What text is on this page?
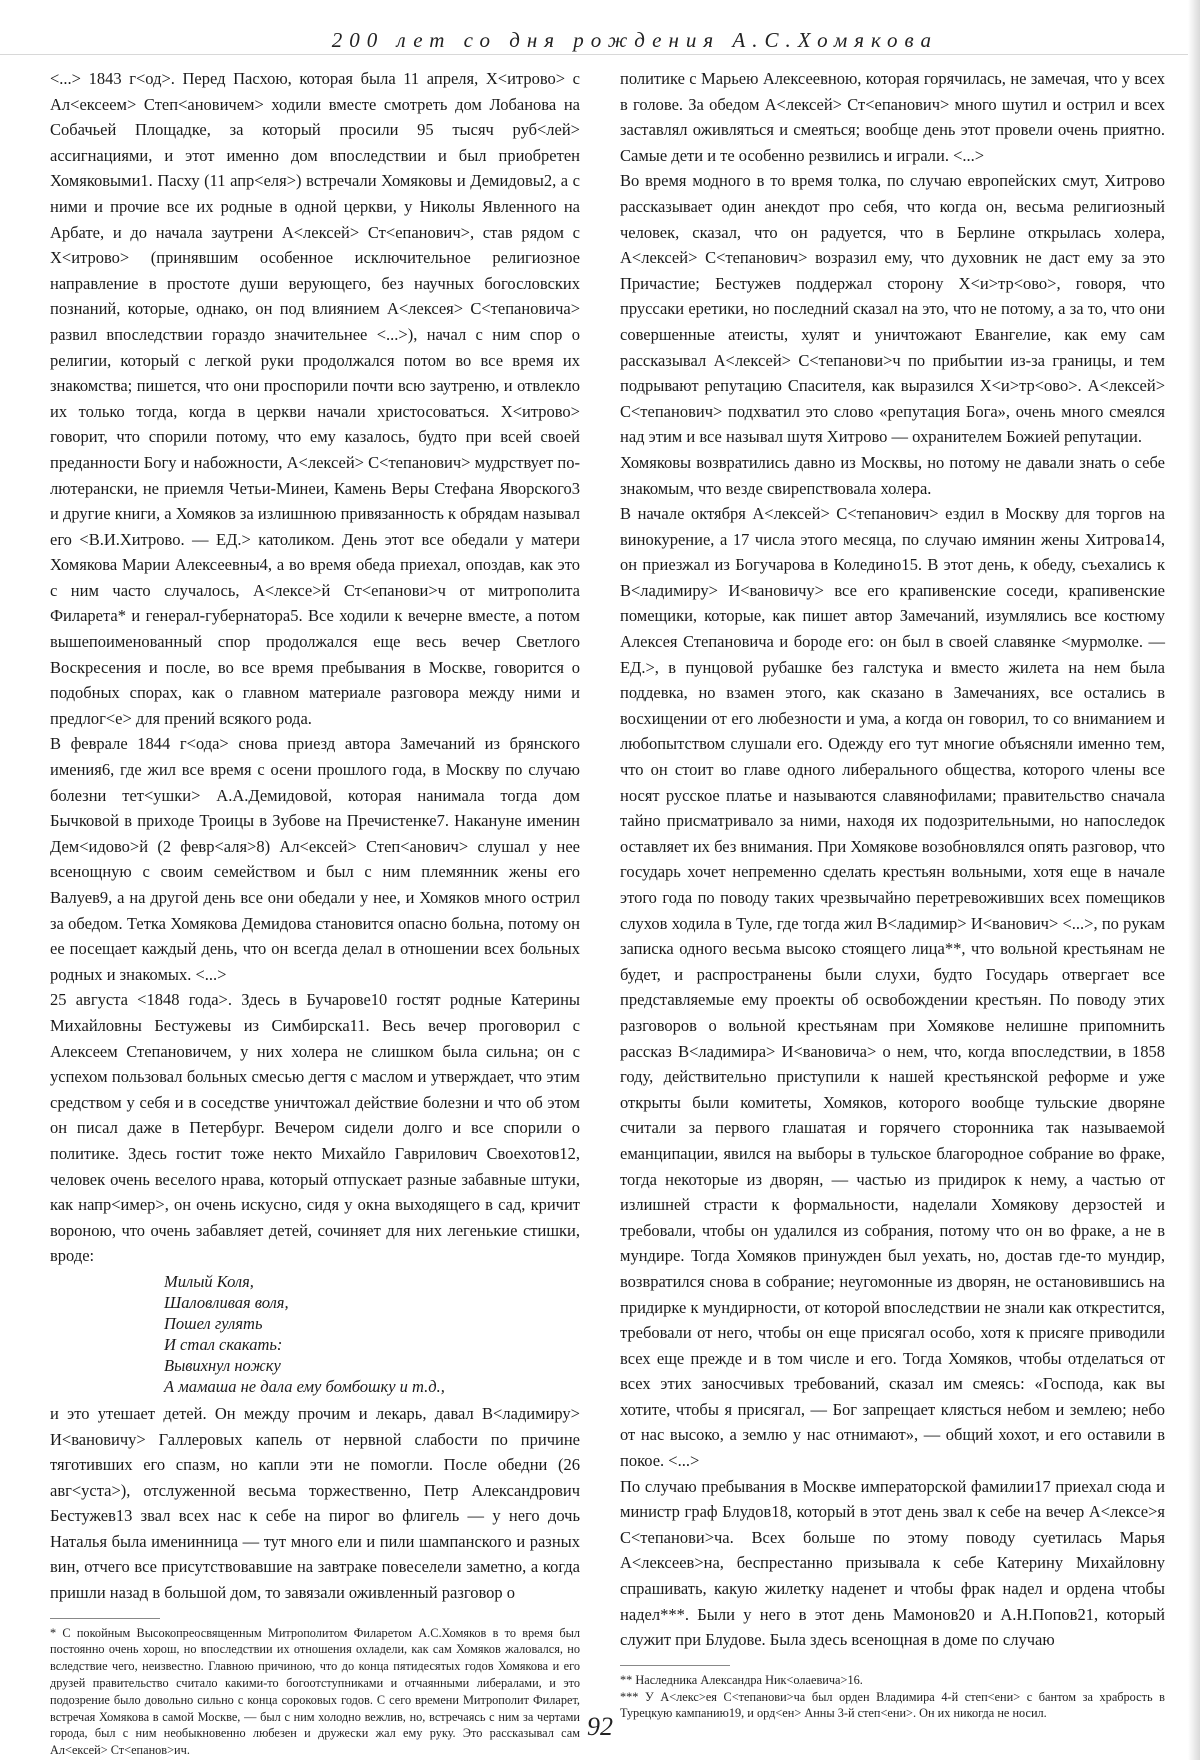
200 лет со дня рождения А.С.Хомякова

<...> 1843 г<од>. Перед Пасхою, которая была 11 апреля, Х<итрово> с Ал<ексеем> Степ<ановичем> ходили вместе смотреть дом Лобанова на Собачьей Площадке, за который просили 95 тысяч руб<лей> ассигнациями, и этот именно дом впоследствии и был приобретен Хомяковыми1. Пасху (11 апр<еля>) встречали Хомяковы и Демидовы2, а с ними и прочие все их родные в одной церкви, у Николы Явленного на Арбате, и до начала заутрени А<лексей> Ст<епанович>, став рядом с Х<итрово> (принявшим особенное исключительное религиозное направление в простоте души верующего, без научных богословских познаний, которые, однако, он под влиянием А<лексея> С<тепановича> развил впоследствии гораздо значительнее <...>), начал с ним спор о религии, который с легкой руки продолжался потом во все время их знакомства; пишется, что они проспорили почти всю заутреню, и отвлекло их только тогда, когда в церкви начали христосоваться. Х<итрово> говорит, что спорили потому, что ему казалось, будто при всей своей преданности Богу и набожности, А<лексей> С<тепанович> мудрствует по-лютерански, не приемля Четьи-Минеи, Камень Веры Стефана Яворского3 и другие книги, а Хомяков за излишнюю привязанность к обрядам называл его <В.И.Хитрово. — ЕД.> католиком. День этот все обедали у матери Хомякова Марии Алексеевны4, а во время обеда приехал, опоздав, как это с ним часто случалось, А<лексе>й Ст<епанови>ч от митрополита Филарета* и генерал-губернатора5. Все ходили к вечерне вместе, а потом вышепоименованный спор продолжался еще весь вечер Светлого Воскресения и после, во все время пребывания в Москве, говорится о подобных спорах, как о главном материале разговора между ними и предлог<е> для прений всякого рода.

В феврале 1844 г<ода> снова приезд автора Замечаний из брянского имения6, где жил все время с осени прошлого года, в Москву по случаю болезни тет<ушки> А.А.Демидовой, которая нанимала тогда дом Бычковой в приходе Троицы в Зубове на Пречистенке7. Накануне именин Дем<идово>й (2 февр<аля>8) Ал<ексей> Степ<анович> слушал у нее всенощную с своим семейством и был с ним племянник жены его Валуев9, а на другой день все они обедали у нее, и Хомяков много острил за обедом. Тетка Хомякова Демидова становится опасно больна, потому он ее посещает каждый день, что он всегда делал в отношении всех больных родных и знакомых. <...>

25 августа <1848 года>. Здесь в Бучарове10 гостят родные Катерины Михайловны Бестужевы из Симбирска11. Весь вечер проговорил с Алексеем Степановичем, у них холера не слишком была сильна; он с успехом пользовал больных смесью дегтя с маслом и утверждает, что этим средством у себя и в соседстве уничтожал действие болезни и что об этом он писал даже в Петербург. Вечером сидели долго и все спорили о политике. Здесь гостит тоже некто Михайло Гаврилович Своехотов12, человек очень веселого нрава, который отпускает разные забавные штуки, как напр<имер>, он очень искусно, сидя у окна выходящего в сад, кричит вороною, что очень забавляет детей, сочиняет для них легенькие стишки, вроде:

Милый Коля,
Шаловливая воля,
Пошел гулять
И стал скакать:
Вывихнул ножку
А мамаша не дала ему бомбошку и т.д.,

и это утешает детей. Он между прочим и лекарь, давал В<ладимиру> И<вановичу> Галлеровых капель от нервной слабости по причине тяготивших его спазм, но капли эти не помогли. После обедни (26 авг<уста>), отслуженной весьма торжественно, Петр Александрович Бестужев13 звал всех нас к себе на пирог во флигель — у него дочь Наталья была именинница — тут много ели и пили шампанского и разных вин, отчего все присутствовавшие на завтраке повеселели заметно, а когда пришли назад в большой дом, то завязали оживленный разговор о

* С покойным Высокопреосвященным Митрополитом Филаретом А.С.Хомяков в то время был постоянно очень хорош, но впоследствии их отношения охладели, как сам Хомяков жаловался, но вследствие чего, неизвестно. Главною причиною, что до конца пятидесятых годов Хомякова и его друзей правительство считало какими-то богоотступниками и отчаянными либералами, и это подозрение было довольно сильно с конца сороковых годов. С сего времени Митрополит Филарет, встречая Хомякова в самой Москве, — был с ним холодно вежлив, но, встречаясь с ним за чертами города, был с ним необыкновенно любезен и дружески жал ему руку. Это рассказывал сам Ал<ексей> Ст<епанов>ич.

политике с Марьею Алексеевною, которая горячилась, не замечая, что у всех в голове. За обедом А<лексей> Ст<епанович> много шутил и острил и всех заставлял оживляться и смеяться; вообще день этот провели очень приятно. Самые дети и те особенно резвились и играли. <...>

Во время модного в то время толка, по случаю европейских смут, Хитрово рассказывает один анекдот про себя, что когда он, весьма религиозный человек, сказал, что он радуется, что в Берлине открылась холера, А<лексей> С<тепанович> возразил ему, что духовник не даст ему за это Причастие; Бестужев поддержал сторону Х<и>тр<ово>, говоря, что пруссаки еретики, но последний сказал на это, что не потому, а за то, что они совершенные атеисты, хулят и уничтожают Евангелие, как ему сам рассказывал А<лексей> С<тепанови>ч по прибытии из-за границы, и тем подрывают репутацию Спасителя, как выразился Х<и>тр<ово>. А<лексей> С<тепанович> подхватил это слово «репутация Бога», очень много смеялся над этим и все называл шутя Хитрово — охранителем Божией репутации.

Хомяковы возвратились давно из Москвы, но потому не давали знать о себе знакомым, что везде свирепствовала холера.

В начале октября А<лексей> С<тепанович> ездил в Москву для торгов на винокурение, а 17 числа этого месяца, по случаю имянин жены Хитрова14, он приезжал из Богучарова в Коледино15. В этот день, к обеду, съехались к В<ладимиру> И<вановичу> все его крапивенские соседи, крапивенские помещики, которые, как пишет автор Замечаний, изумлялись все костюму Алексея Степановича и бороде его: он был в своей славянке <мурмолке. — ЕД.>, в пунцовой рубашке без галстука и вместо жилета на нем была поддевка, но взамен этого, как сказано в Замечаниях, все остались в восхищении от его любезности и ума, а когда он говорил, то со вниманием и любопытством слушали его. Одежду его тут многие объясняли именно тем, что он стоит во главе одного либерального общества, которого члены все носят русское платье и называются славянофилами; правительство сначала тайно присматривало за ними, находя их подозрительными, но напоследок оставляет их без внимания. При Хомякове возобновлялся опять разговор, что государь хочет непременно сделать крестьян вольными, хотя еще в начале этого года по поводу таких чрезвычайно перетревоживших всех помещиков слухов ходила в Туле, где тогда жил В<ладимир> И<ванович> <...>, по рукам записка одного весьма высоко стоящего лица**, что вольной крестьянам не будет, и распространены были слухи, будто Государь отвергает все представляемые ему проекты об освобождении крестьян. По поводу этих разговоров о вольной крестьянам при Хомякове нелишне припомнить рассказ В<ладимира> И<вановича> о нем, что, когда впоследствии, в 1858 году, действительно приступили к нашей крестьянской реформе и уже открыты были комитеты, Хомяков, которого вообще тульские дворяне считали за первого глашатая и горячего сторонника так называемой еманципации, явился на выборы в тульское благородное собрание во фраке, тогда некоторые из дворян, — частью из придирок к нему, а частью от излишней страсти к формальности, наделали Хомякову дерзостей и требовали, чтобы он удалился из собрания, потому что он во фраке, а не в мундире. Тогда Хомяков принужден был уехать, но, достав где-то мундир, возвратился снова в собрание; неугомонные из дворян, не остановившись на придирке к мундирности, от которой впоследствии не знали как открестится, требовали от него, чтобы он еще присягал особо, хотя к присяге приводили всех еще прежде и в том числе и его. Тогда Хомяков, чтобы отделаться от всех этих заносчивых требований, сказал им смеясь: «Господа, как вы хотите, чтобы я присягал, — Бог запрещает клясться небом и землею; небо от нас высоко, а землю у нас отнимают», — общий хохот, и его оставили в покое. <...>

По случаю пребывания в Москве императорской фамилии17 приехал сюда и министр граф Блудов18, который в этот день звал к себе на вечер А<лексе>я С<тепанови>ча. Всех больше по этому поводу суетилась Марья А<лексеев>на, беспрестанно призывала к себе Катерину Михайловну спрашивать, какую жилетку наденет и чтобы фрак надел и ордена чтобы надел***. Были у него в этот день Мамонов20 и А.Н.Попов21, который служит при Блудове. Была здесь всенощная в доме по случаю

** Наследника Александра Ник<олаевича>16.

*** У А<лекс>ея С<тепанови>ча был орден Владимира 4-й степ<ени> с бантом за храбрость в Турецкую кампанию19, и орд<ен> Анны 3-й степ<ени>. Он их никогда не носил.

92
